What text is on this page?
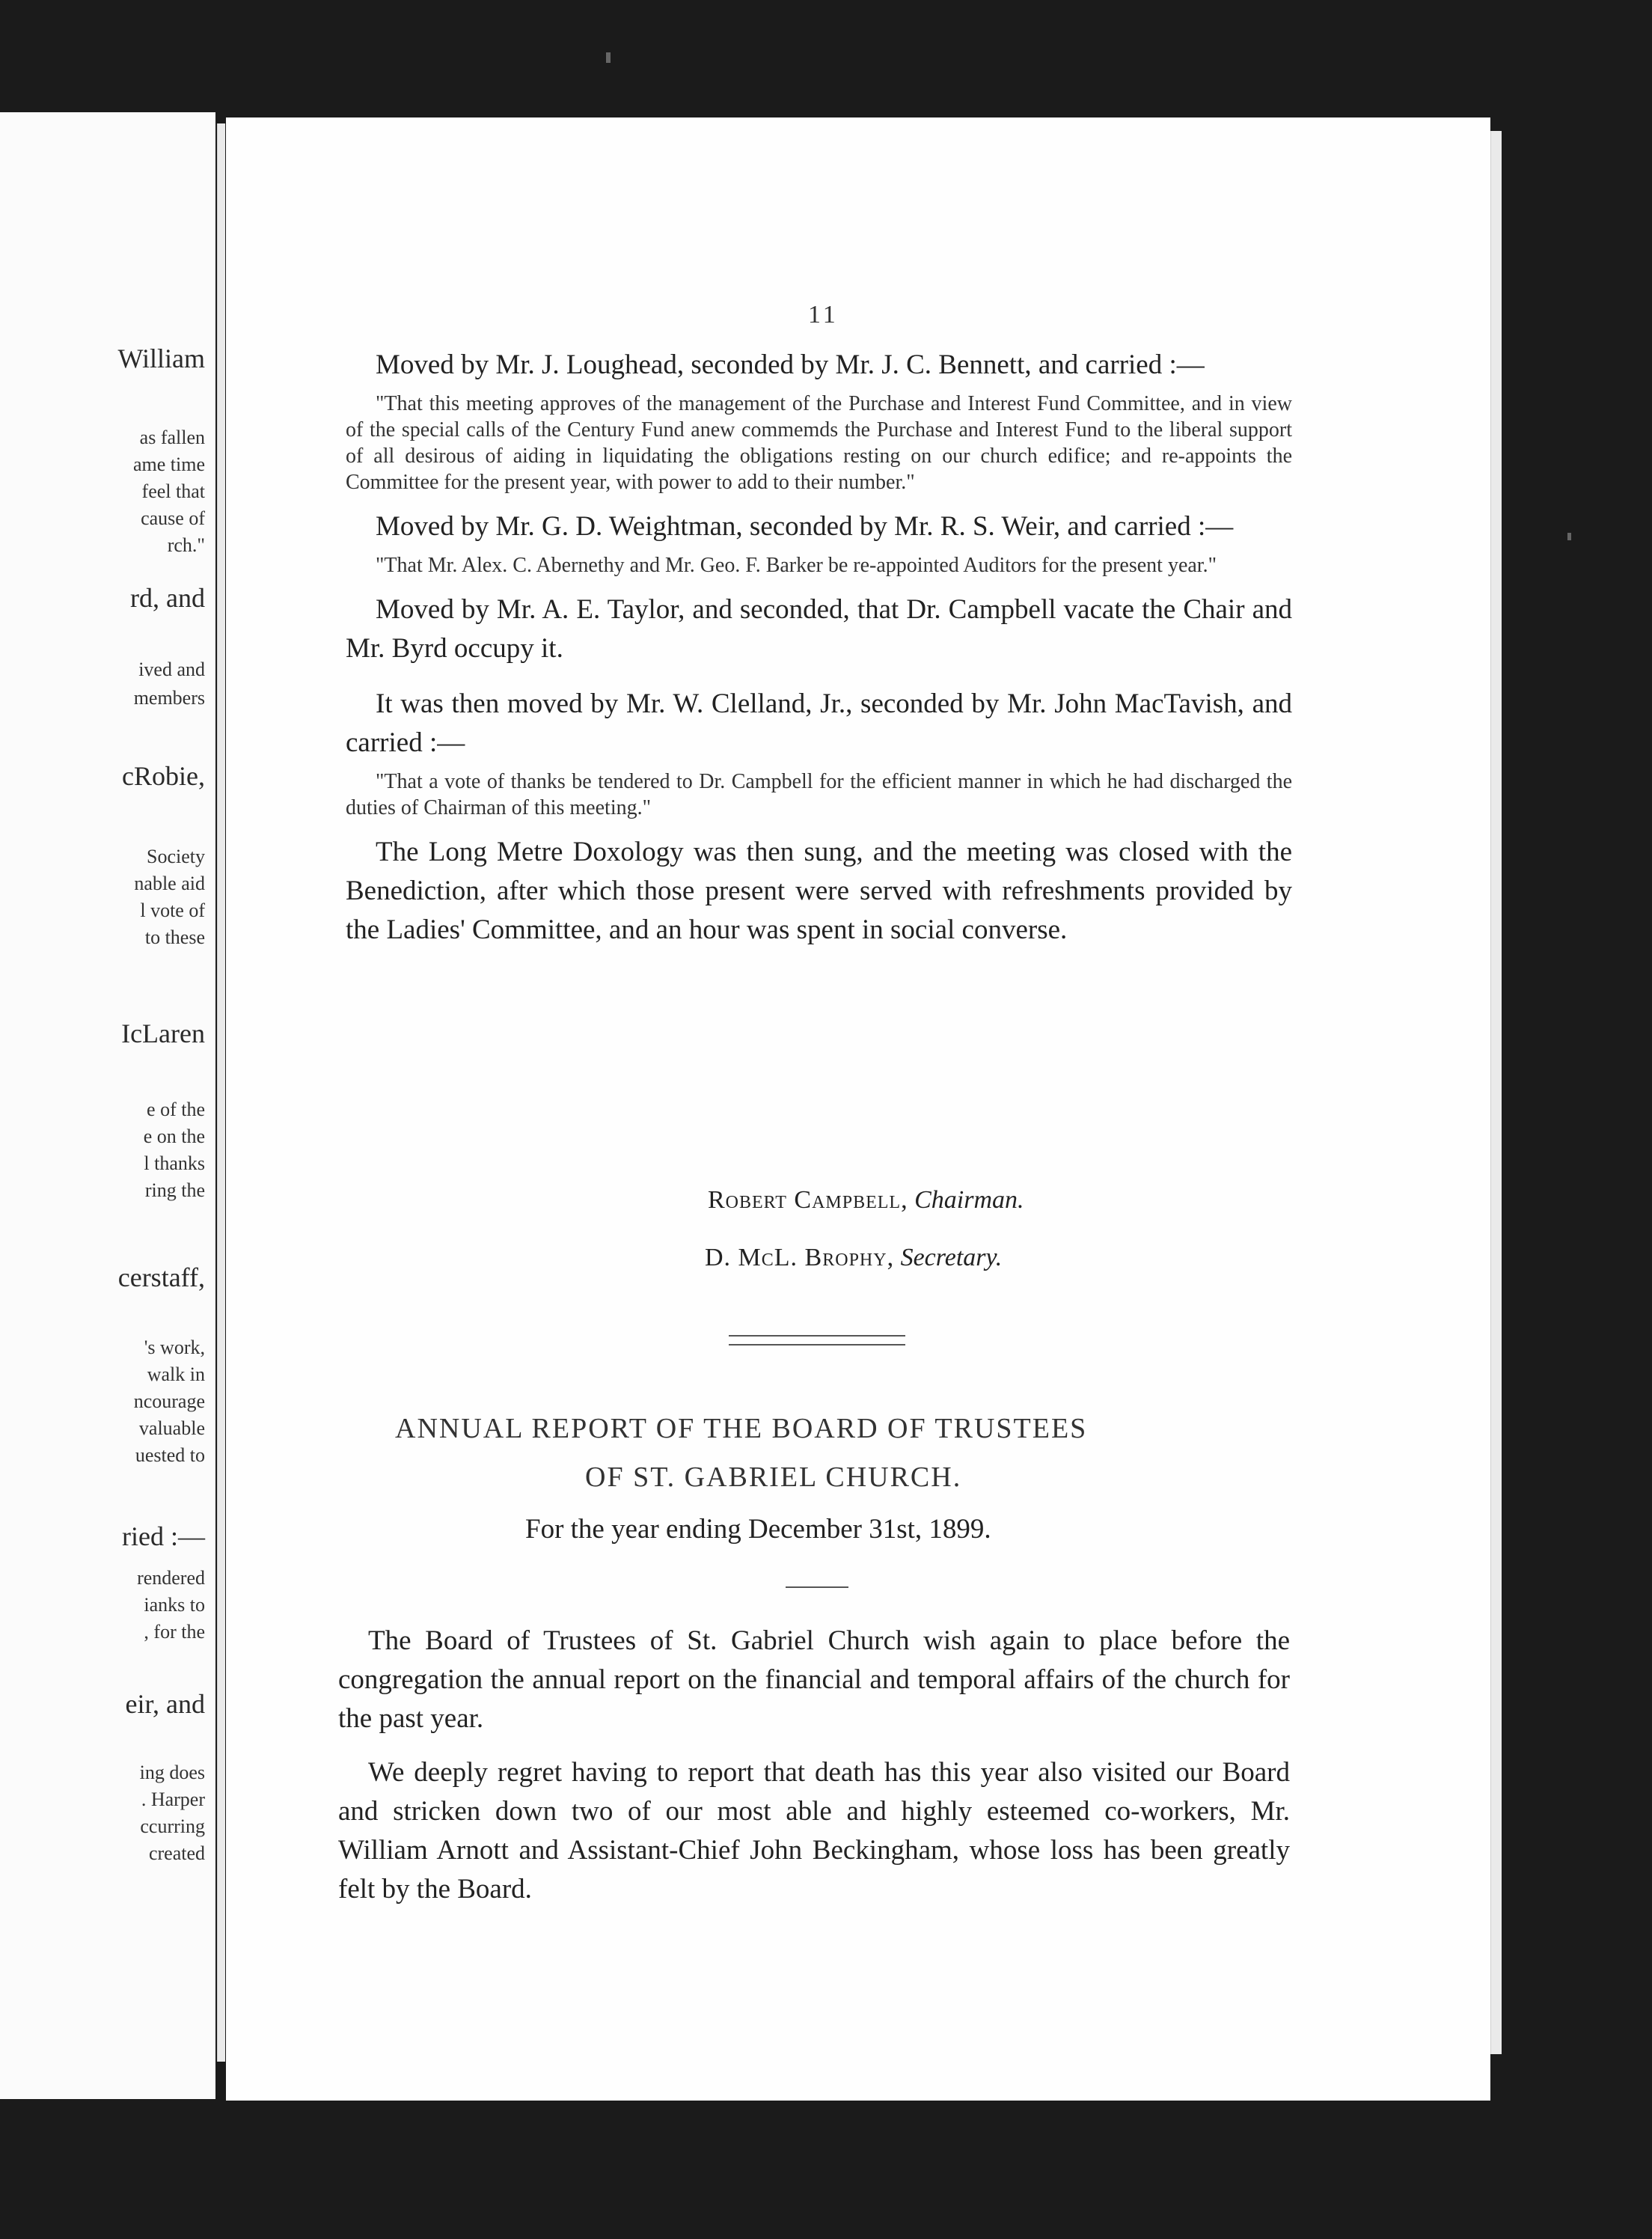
William
as fallen
ame time
feel that
cause of
rch."
rd, and
ived and
members
cRobie,
Society
nable aid
l vote of
to these
IcLaren
e of the
e on the
l thanks
ring the
cerstaff,
's work,
walk in
ncourage
valuable
uested to
ried :—
rendered
ianks to
, for the
eir, and
ing does
. Harper
ccurring
created
11

Moved by Mr. J. Loughead, seconded by Mr. J. C. Bennett, and carried :—

"That this meeting approves of the management of the Purchase and Interest Fund Committee, and in view of the special calls of the Century Fund anew commemds the Purchase and Interest Fund to the liberal support of all desirous of aiding in liquidating the obligations resting on our church edifice; and re-appoints the Committee for the present year, with power to add to their number."

Moved by Mr. G. D. Weightman, seconded by Mr. R. S. Weir, and carried :—

"That Mr. Alex. C. Abernethy and Mr. Geo. F. Barker be re-appointed Auditors for the present year."

Moved by Mr. A. E. Taylor, and seconded, that Dr. Campbell vacate the Chair and Mr. Byrd occupy it.

It was then moved by Mr. W. Clelland, Jr., seconded by Mr. John MacTavish, and carried :—

"That a vote of thanks be tendered to Dr. Campbell for the efficient manner in which he had discharged the duties of Chairman of this meeting."

The Long Metre Doxology was then sung, and the meeting was closed with the Benediction, after which those present were served with refreshments provided by the Ladies' Committee, and an hour was spent in social converse.

Robert Campbell, Chairman.
D. McL. Brophy, Secretary.
ANNUAL REPORT OF THE BOARD OF TRUSTEES
OF ST. GABRIEL CHURCH.
For the year ending December 31st, 1899.

The Board of Trustees of St. Gabriel Church wish again to place before the congregation the annual report on the financial and temporal affairs of the church for the past year.

We deeply regret having to report that death has this year also visited our Board and stricken down two of our most able and highly esteemed co-workers, Mr. William Arnott and Assistant-Chief John Beckingham, whose loss has been greatly felt by the Board.
